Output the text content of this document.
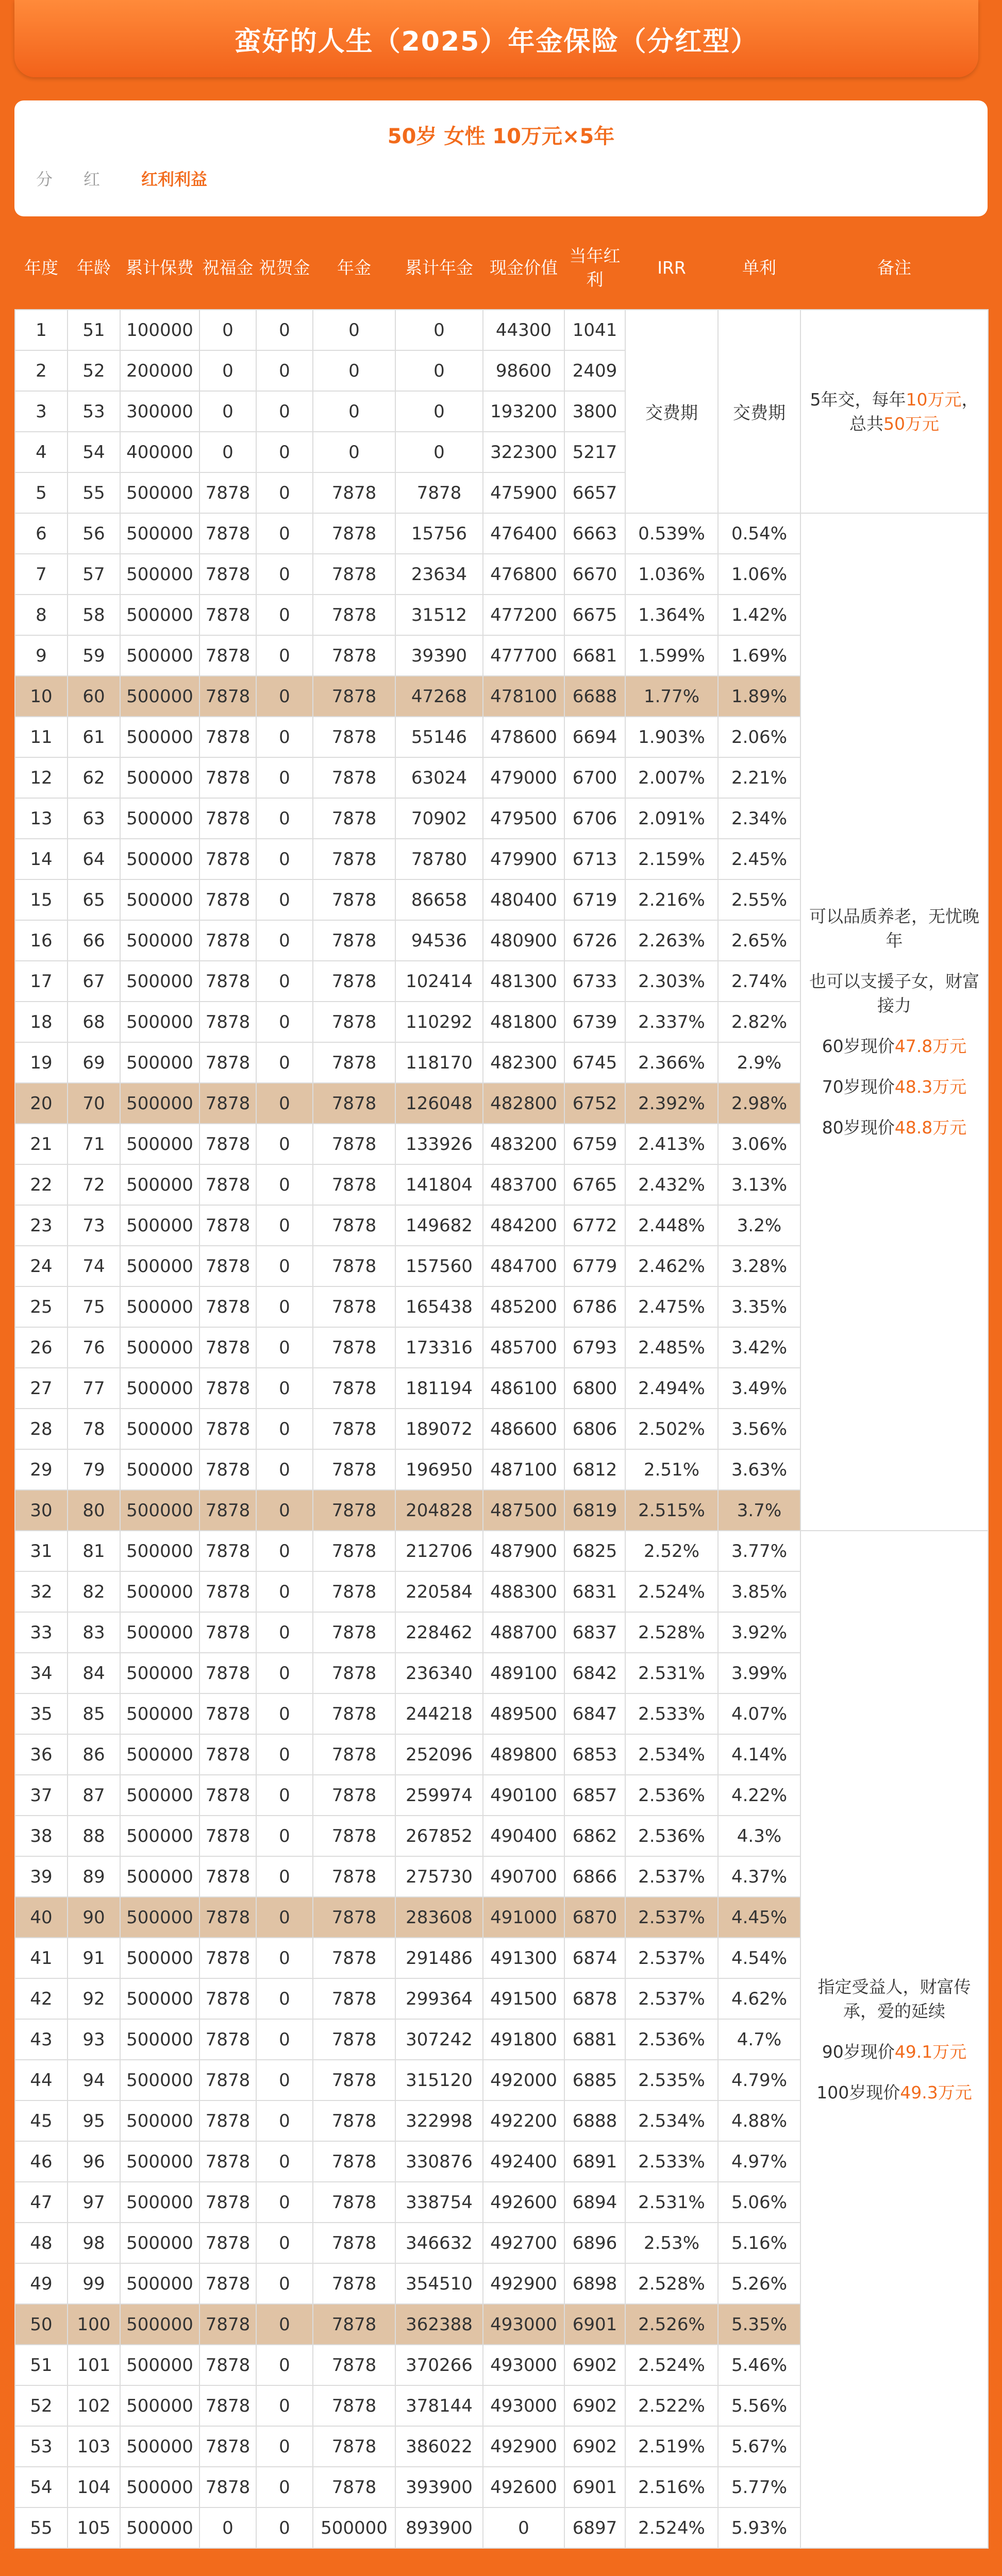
蛮好的人生（2025）年金保险（分红型）
50岁 女性 10万元×5年
分红 红利利益
年度	年龄	累计保费	祝福金	祝贺金	年金	累计年金	现金价值	当年红利	IRR	单利	备注
1	51	100000	0	0	0	0	44300	1041	交费期	交费期	5年交，每年10万元，总共50万元

2	52	200000	0	0	0	0	98600	2409			
3	53	300000	0	0	0	0	193200	3800			
4	54	400000	0	0	0	0	322300	5217			
5	55	500000	7878	0	7878	7878	475900	6657			
6	56	500000	7878	0	7878	15756	476400	6663	0.539%	0.54%	可以品质养老，无忧晚年

也可以支援子女，财富接力

60岁现价47.8万元

70岁现价48.3万元

80岁现价48.8万元

7	57	500000	7878	0	7878	23634	476800	6670	1.036%	1.06%	
8	58	500000	7878	0	7878	31512	477200	6675	1.364%	1.42%	
9	59	500000	7878	0	7878	39390	477700	6681	1.599%	1.69%	
10	60	500000	7878	0	7878	47268	478100	6688	1.77%	1.89%	
11	61	500000	7878	0	7878	55146	478600	6694	1.903%	2.06%	
12	62	500000	7878	0	7878	63024	479000	6700	2.007%	2.21%	
13	63	500000	7878	0	7878	70902	479500	6706	2.091%	2.34%	
14	64	500000	7878	0	7878	78780	479900	6713	2.159%	2.45%	
15	65	500000	7878	0	7878	86658	480400	6719	2.216%	2.55%	
16	66	500000	7878	0	7878	94536	480900	6726	2.263%	2.65%	
17	67	500000	7878	0	7878	102414	481300	6733	2.303%	2.74%	
18	68	500000	7878	0	7878	110292	481800	6739	2.337%	2.82%	
19	69	500000	7878	0	7878	118170	482300	6745	2.366%	2.9%	
20	70	500000	7878	0	7878	126048	482800	6752	2.392%	2.98%	
21	71	500000	7878	0	7878	133926	483200	6759	2.413%	3.06%	
22	72	500000	7878	0	7878	141804	483700	6765	2.432%	3.13%	
23	73	500000	7878	0	7878	149682	484200	6772	2.448%	3.2%	
24	74	500000	7878	0	7878	157560	484700	6779	2.462%	3.28%	
25	75	500000	7878	0	7878	165438	485200	6786	2.475%	3.35%	
26	76	500000	7878	0	7878	173316	485700	6793	2.485%	3.42%	
27	77	500000	7878	0	7878	181194	486100	6800	2.494%	3.49%	
28	78	500000	7878	0	7878	189072	486600	6806	2.502%	3.56%	
29	79	500000	7878	0	7878	196950	487100	6812	2.51%	3.63%	
30	80	500000	7878	0	7878	204828	487500	6819	2.515%	3.7%	
31	81	500000	7878	0	7878	212706	487900	6825	2.52%	3.77%	指定受益人，财富传承，爱的延续

90岁现价49.1万元

100岁现价49.3万元

32	82	500000	7878	0	7878	220584	488300	6831	2.524%	3.85%	
33	83	500000	7878	0	7878	228462	488700	6837	2.528%	3.92%	
34	84	500000	7878	0	7878	236340	489100	6842	2.531%	3.99%	
35	85	500000	7878	0	7878	244218	489500	6847	2.533%	4.07%	
36	86	500000	7878	0	7878	252096	489800	6853	2.534%	4.14%	
37	87	500000	7878	0	7878	259974	490100	6857	2.536%	4.22%	
38	88	500000	7878	0	7878	267852	490400	6862	2.536%	4.3%	
39	89	500000	7878	0	7878	275730	490700	6866	2.537%	4.37%	
40	90	500000	7878	0	7878	283608	491000	6870	2.537%	4.45%	
41	91	500000	7878	0	7878	291486	491300	6874	2.537%	4.54%	
42	92	500000	7878	0	7878	299364	491500	6878	2.537%	4.62%	
43	93	500000	7878	0	7878	307242	491800	6881	2.536%	4.7%	
44	94	500000	7878	0	7878	315120	492000	6885	2.535%	4.79%	
45	95	500000	7878	0	7878	322998	492200	6888	2.534%	4.88%	
46	96	500000	7878	0	7878	330876	492400	6891	2.533%	4.97%	
47	97	500000	7878	0	7878	338754	492600	6894	2.531%	5.06%	
48	98	500000	7878	0	7878	346632	492700	6896	2.53%	5.16%	
49	99	500000	7878	0	7878	354510	492900	6898	2.528%	5.26%	
50	100	500000	7878	0	7878	362388	493000	6901	2.526%	5.35%	
51	101	500000	7878	0	7878	370266	493000	6902	2.524%	5.46%	
52	102	500000	7878	0	7878	378144	493000	6902	2.522%	5.56%	
53	103	500000	7878	0	7878	386022	492900	6902	2.519%	5.67%	
54	104	500000	7878	0	7878	393900	492600	6901	2.516%	5.77%	
55	105	500000	0	0	500000	893900	0	6897	2.524%	5.93%	
